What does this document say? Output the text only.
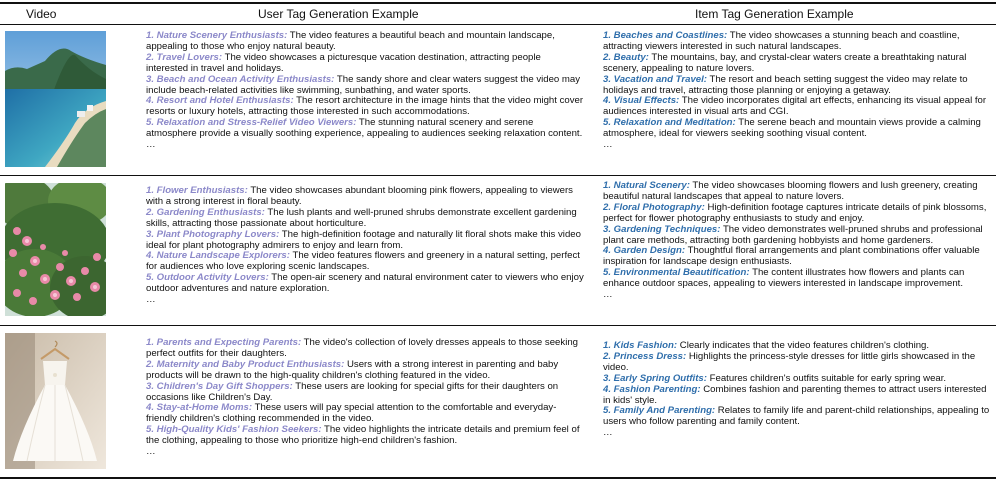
Video	User Tag Generation Example	Item Tag Generation Example

1. Nature Scenery Enthusiasts: The video features a beautiful beach and mountain landscape, appealing to those who enjoy natural beauty.

2. Travel Lovers: The video showcases a picturesque vacation destination, attracting people interested in travel and holidays.

3. Beach and Ocean Activity Enthusiasts: The sandy shore and clear waters suggest the video may include beach-related activities like swimming, sunbathing, and water sports.

4. Resort and Hotel Enthusiasts: The resort architecture in the image hints that the video might cover resorts or luxury hotels, attracting those interested in such accommodations.

5. Relaxation and Stress-Relief Video Viewers: The stunning natural scenery and serene atmosphere provide a visually soothing experience, appealing to audiences seeking relaxation content.

…

1. Beaches and Coastlines: The video showcases a stunning beach and coastline, attracting viewers interested in such natural landscapes.

2. Beauty: The mountains, bay, and crystal-clear waters create a breathtaking natural scenery, appealing to nature lovers.

3. Vacation and Travel: The resort and beach setting suggest the video may relate to holidays and travel, attracting those planning or enjoying a getaway.

4. Visual Effects: The video incorporates digital art effects, enhancing its visual appeal for audiences interested in visual arts and CGI.

5. Relaxation and Meditation: The serene beach and mountain views provide a calming atmosphere, ideal for viewers seeking soothing visual content.

…

1. Flower Enthusiasts: The video showcases abundant blooming pink flowers, appealing to viewers with a strong interest in floral beauty.

2. Gardening Enthusiasts: The lush plants and well-pruned shrubs demonstrate excellent gardening skills, attracting those passionate about horticulture.

3. Plant Photography Lovers: The high-definition footage and naturally lit floral shots make this video ideal for plant photography admirers to enjoy and learn from.

4. Nature Landscape Explorers: The video features flowers and greenery in a natural setting, perfect for audiences who love exploring scenic landscapes.

5. Outdoor Activity Lovers: The open-air scenery and natural environment cater to viewers who enjoy outdoor adventures and nature exploration.

…

1. Natural Scenery: The video showcases blooming flowers and lush greenery, creating beautiful natural landscapes that appeal to nature lovers.

2. Floral Photography: High-definition footage captures intricate details of pink blossoms, perfect for flower photography enthusiasts to study and enjoy.

3. Gardening Techniques: The video demonstrates well-pruned shrubs and professional plant care methods, attracting both gardening hobbyists and home gardeners.

4. Garden Design: Thoughtful floral arrangements and plant combinations offer valuable inspiration for landscape design enthusiasts.

5. Environmental Beautification: The content illustrates how flowers and plants can enhance outdoor spaces, appealing to viewers interested in landscape improvement.

…

1. Parents and Expecting Parents: The video's collection of lovely dresses appeals to those seeking perfect outfits for their daughters.

2. Maternity and Baby Product Enthusiasts: Users with a strong interest in parenting and baby products will be drawn to the high-quality children's clothing featured in the video.

3. Children's Day Gift Shoppers: These users are looking for special gifts for their daughters on occasions like Children's Day.

4. Stay-at-Home Moms: These users will pay special attention to the comfortable and everyday-friendly children's clothing recommended in the video.

5. High-Quality Kids' Fashion Seekers: The video highlights the intricate details and premium feel of the clothing, appealing to those who prioritize high-end children's fashion.

…

1. Kids Fashion: Clearly indicates that the video features children's clothing.

2. Princess Dress: Highlights the princess-style dresses for little girls showcased in the video.

3. Early Spring Outfits: Features children's outfits suitable for early spring wear.

4. Fashion Parenting: Combines fashion and parenting themes to attract users interested in kids' style.

5. Family And Parenting: Relates to family life and parent-child relationships, appealing to users who follow parenting and family content.

…
